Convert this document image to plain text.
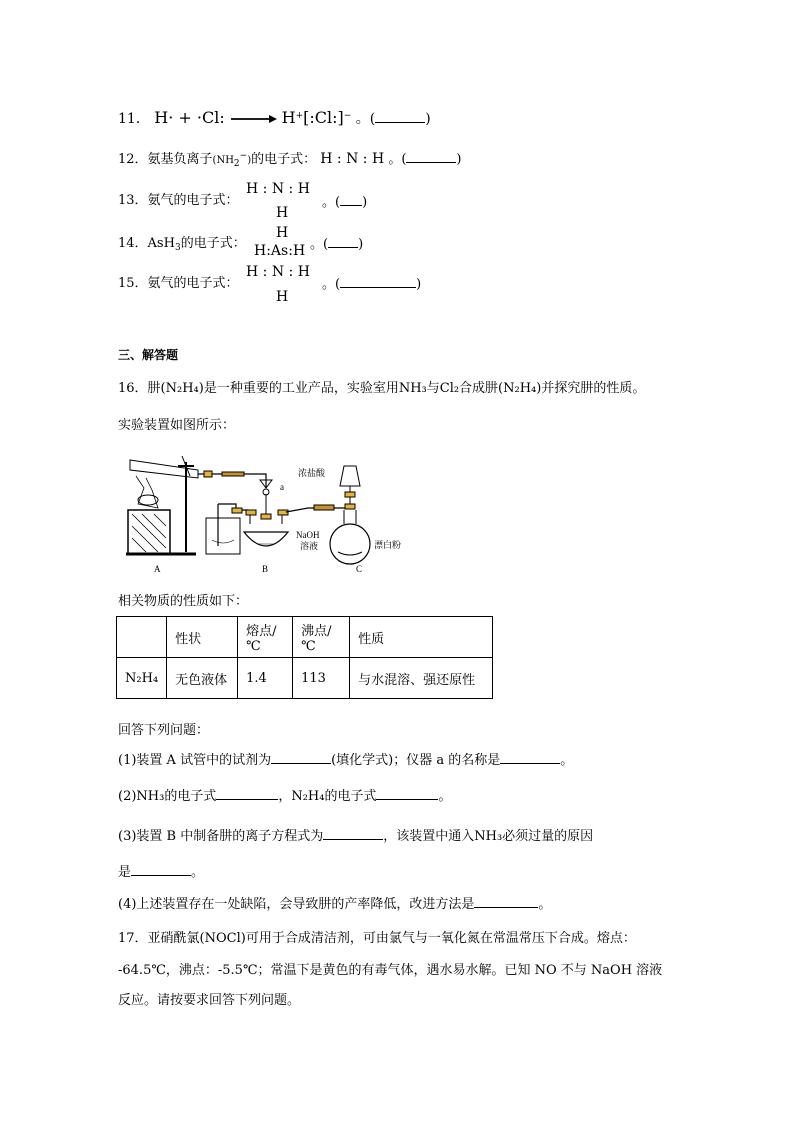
11． H· + ·Cl: → H+[:Cl:]− 。(	)
12．氨基负离子$(NH_2^-)$的电子式： H : N : H 。(	)
13．氨气的电子式：
H : N : H
H
。( )
14．AsH$_3$的电子式：
H
H:As:H 。( )
15．氨气的电子式：
H : N : H
H
。(	)
三、解答题
16．肼(N₂H₄)是一种重要的工业产品，实验室用NH₃与Cl₂合成肼(N₂H₄)并探究肼的性质。
实验装置如图所示：
浓盐酸
a
NaOH
溶液	漂白粉
A	B	C
相关物质的性质如下：
	性状	熔点/℃	沸点/℃	性质
N₂H₄	无色液体	1.4	113	与水混溶、强还原性
回答下列问题：
(1)装置 A 试管中的试剂为	(填化学式)；仪器 a 的名称是	。
(2)NH₃的电子式	，N₂H₄的电子式	。
(3)装置 B 中制备肼的离子方程式为	，该装置中通入NH₃必须过量的原因
是	。
(4)上述装置存在一处缺陷，会导致肼的产率降低，改进方法是	。
17．亚硝酰氯(NOCl)可用于合成清洁剂，可由氯气与一氧化氮在常温常压下合成。熔点：
-64.5℃，沸点：-5.5℃；常温下是黄色的有毒气体，遇水易水解。已知 NO 不与 NaOH 溶液
反应。请按要求回答下列问题。
